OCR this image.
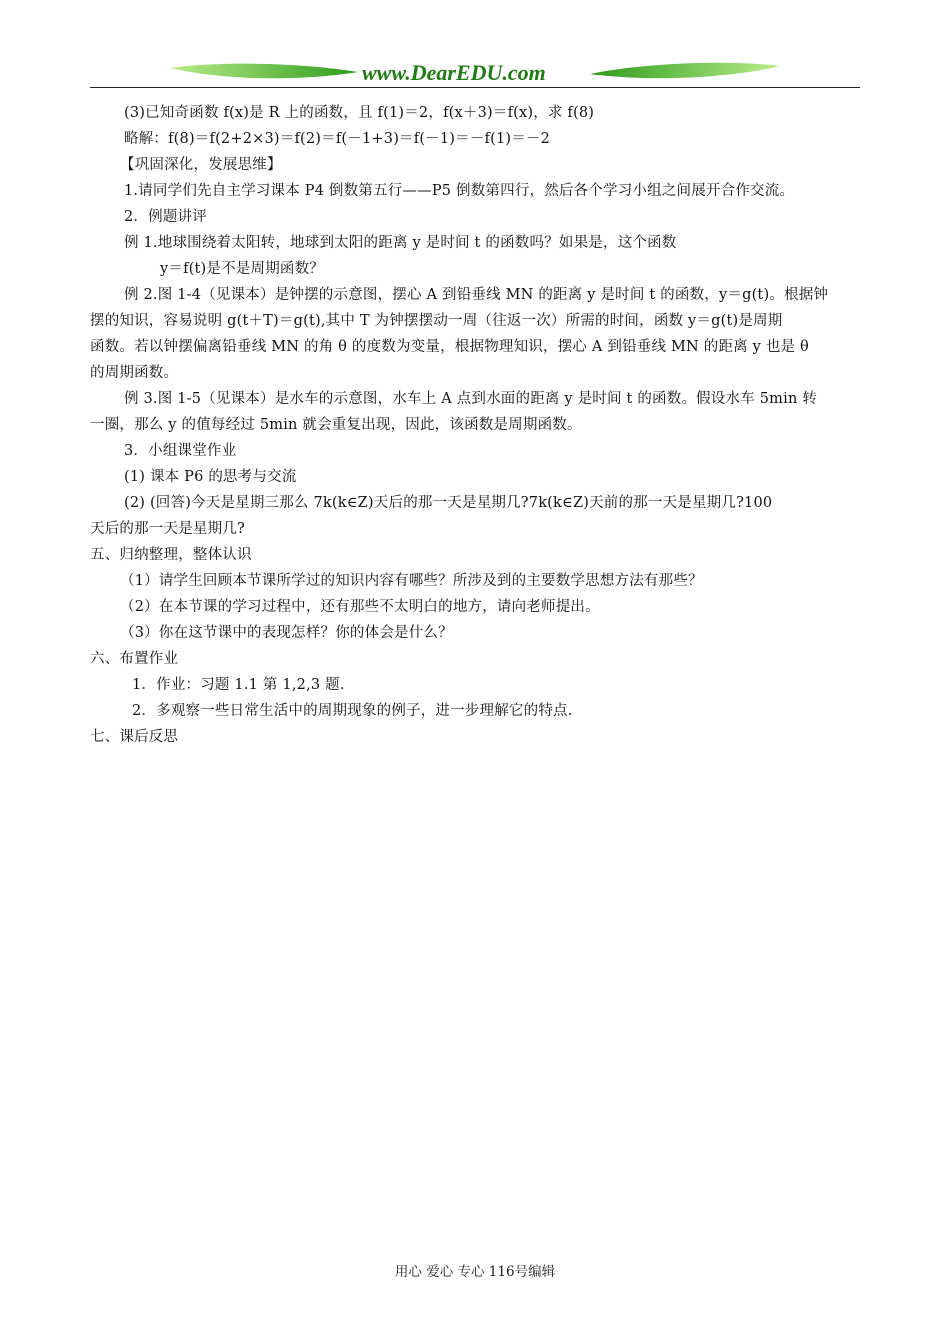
www.DearEDU.com
(3)已知奇函数 f(x)是 R 上的函数，且 f(1)＝2，f(x＋3)＝f(x)，求 f(8)
略解：f(8)＝f(2+2×3)＝f(2)＝f(－1+3)＝f(－1)＝－f(1)＝－2
【巩固深化，发展思维】
1.请同学们先自主学习课本 P4 倒数第五行——P5 倒数第四行，然后各个学习小组之间展开合作交流。
2．例题讲评
例 1.地球围绕着太阳转，地球到太阳的距离 y 是时间 t 的函数吗？如果是，这个函数
y＝f(t)是不是周期函数？
例 2.图 1-4（见课本）是钟摆的示意图，摆心 A 到铅垂线 MN 的距离 y 是时间 t 的函数，y＝g(t)。根据钟
摆的知识，容易说明 g(t＋T)＝g(t),其中 T 为钟摆摆动一周（往返一次）所需的时间，函数 y＝g(t)是周期
函数。若以钟摆偏离铅垂线 MN 的角 θ 的度数为变量，根据物理知识，摆心 A 到铅垂线 MN 的距离 y 也是 θ
的周期函数。
例 3.图 1-5（见课本）是水车的示意图，水车上 A 点到水面的距离 y 是时间 t 的函数。假设水车 5min 转
一圈，那么 y 的值每经过 5min 就会重复出现，因此，该函数是周期函数。
3．小组课堂作业
(1) 课本 P6 的思考与交流
(2) (回答)今天是星期三那么 7k(k∈Z)天后的那一天是星期几?7k(k∈Z)天前的那一天是星期几?100
天后的那一天是星期几?
五、归纳整理，整体认识
（1）请学生回顾本节课所学过的知识内容有哪些？所涉及到的主要数学思想方法有那些？
（2）在本节课的学习过程中，还有那些不太明白的地方，请向老师提出。
（3）你在这节课中的表现怎样？你的体会是什么？
六、布置作业
1．作业：习题 1.1 第 1,2,3 题.
2．多观察一些日常生活中的周期现象的例子，进一步理解它的特点.
七、课后反思
用心 爱心 专心 116号编辑
